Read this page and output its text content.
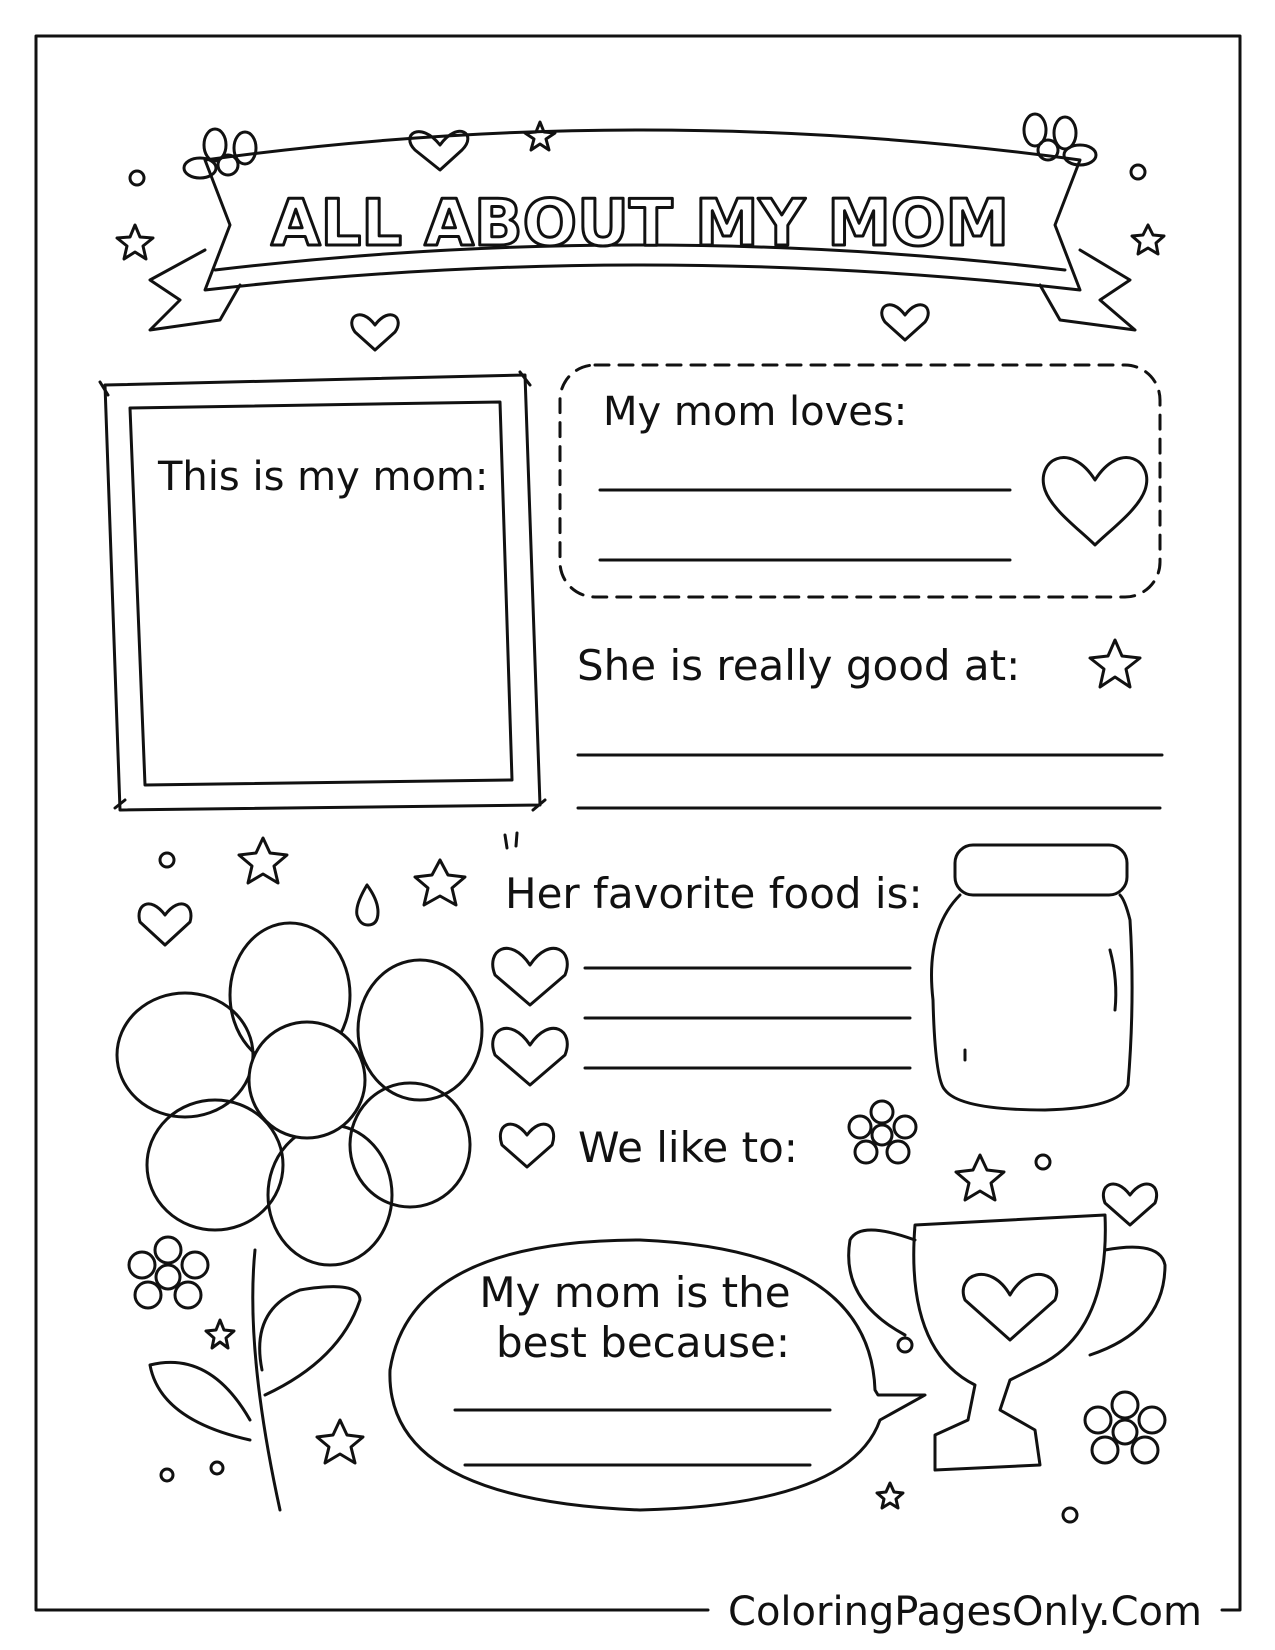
ALL ABOUT MY MOM
This is my mom:
My mom loves:
She is really good at:
Her favorite food is:
We like to:
My mom is the
best because:
ColoringPagesOnly.Com
